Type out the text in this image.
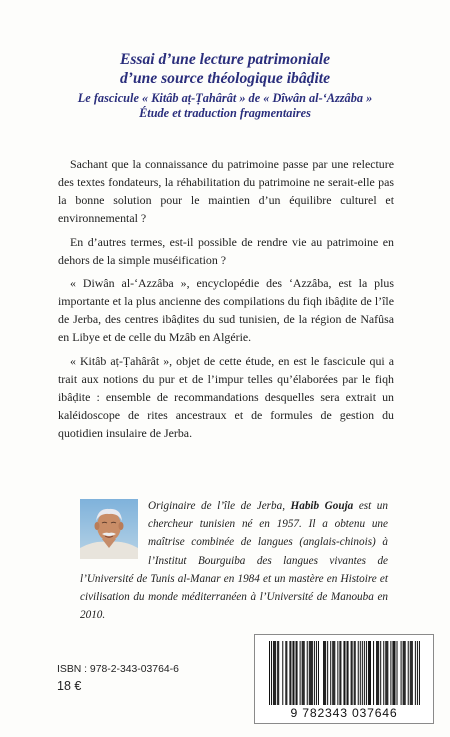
Essai d’une lecture patrimoniale
d’une source théologique ibâḍite
Le fascicule « Kitâb aṭ-Ṭahârât » de « Dîwân al-ʻAzzâba »
Étude et traduction fragmentaires

Sachant que la connaissance du patrimoine passe par une relecture des textes fondateurs, la réhabilitation du patrimoine ne serait-elle pas la bonne solution pour le maintien d’un équilibre culturel et environnemental ?

En d’autres termes, est-il possible de rendre vie au patrimoine en dehors de la simple muséification ?

« Diwân al-ʻAzzâba », encyclopédie des ʻAzzâba, est la plus importante et la plus ancienne des compilations du fiqh ibâḍite de l’île de Jerba, des centres ibâḍites du sud tunisien, de la région de Nafûsa en Libye et de celle du Mzâb en Algérie.

« Kitâb aṭ-Ṭahârât », objet de cette étude, en est le fascicule qui a trait aux notions du pur et de l’impur telles qu’élaborées par le fiqh ibâḍite : ensemble de recommandations desquelles sera extrait un kaléidoscope de rites ancestraux et de formules de gestion du quotidien insulaire de Jerba.

Originaire de l’île de Jerba, Habib Gouja est un chercheur tunisien né en 1957. Il a obtenu une maîtrise combinée de langues (anglais-chinois) à l’Institut Bourguiba des langues vivantes de l’Université de Tunis al-Manar en 1984 et un mastère en Histoire et civilisation du monde méditerranéen à l’Université de Manouba en 2010.
ISBN : 978-2-343-03764-6
18 €
9 782343 037646
